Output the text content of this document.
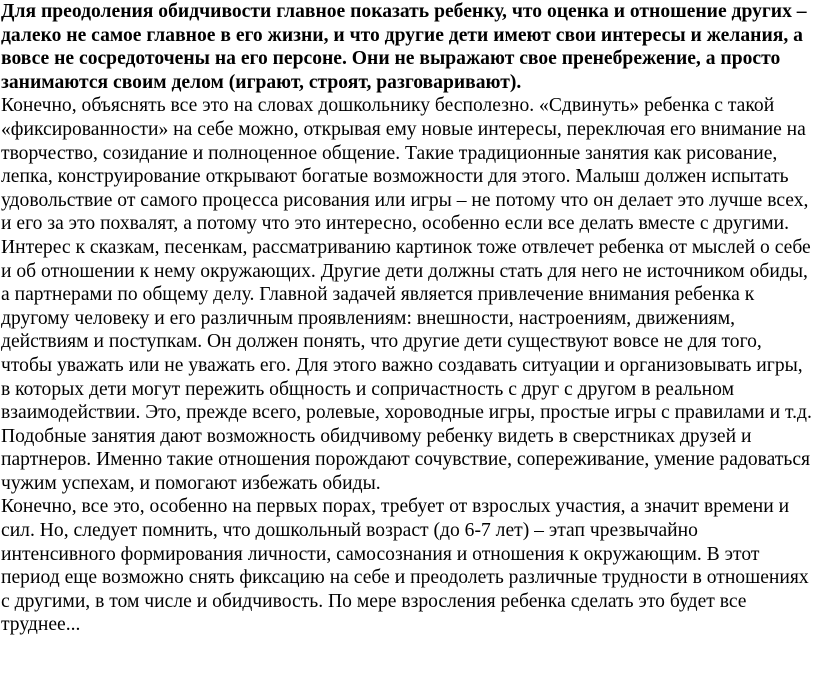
Для преодоления обидчивости главное показать ребенку, что оценка и отношение других – далеко не самое главное в его жизни, и что другие дети имеют свои интересы и желания, а вовсе не сосредоточены на его персоне. Они не выражают свое пренебрежение, а просто занимаются своим делом (играют, строят, разговаривают).

Конечно, объяснять все это на словах дошкольнику бесполезно. «Сдвинуть» ребенка с такой «фиксированности» на себе можно, открывая ему новые интересы, переключая его внимание на творчество, созидание и полноценное общение. Такие традиционные занятия как рисование, лепка, конструирование открывают богатые возможности для этого. Малыш должен испытать удовольствие от самого процесса рисования или игры – не потому что он делает это лучше всех, и его за это похвалят, а потому что это интересно, особенно если все делать вместе с другими. Интерес к сказкам, песенкам, рассматриванию картинок тоже отвлечет ребенка от мыслей о себе и об отношении к нему окружающих. Другие дети должны стать для него не источником обиды, а партнерами по общему делу. Главной задачей является привлечение внимания ребенка к другому человеку и его различным проявлениям: внешности, настроениям, движениям, действиям и поступкам. Он должен понять, что другие дети существуют вовсе не для того, чтобы уважать или не уважать его. Для этого важно создавать ситуации и организовывать игры, в которых дети могут пережить общность и сопричастность с друг с другом в реальном взаимодействии. Это, прежде всего, ролевые, хороводные игры, простые игры с правилами и т.д. Подобные занятия дают возможность обидчивому ребенку видеть в сверстниках друзей и партнеров. Именно такие отношения порождают сочувствие, сопереживание, умение радоваться чужим успехам, и помогают избежать обиды.

Конечно, все это, особенно на первых порах, требует от взрослых участия, а значит времени и сил. Но, следует помнить, что дошкольный возраст (до 6-7 лет) – этап чрезвычайно интенсивного формирования личности, самосознания и отношения к окружающим. В этот период еще возможно снять фиксацию на себе и преодолеть различные трудности в отношениях с другими, в том числе и обидчивость. По мере взросления ребенка сделать это будет все труднее...
